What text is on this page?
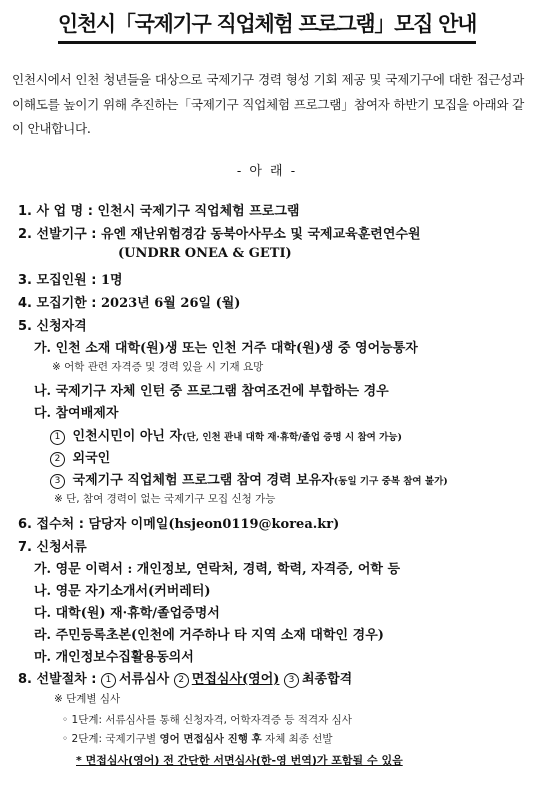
인천시「국제기구 직업체험 프로그램」모집 안내
인천시에서 인천 청년들을 대상으로 국제기구 경력 형성 기회 제공 및 국제기구에 대한 접근성과 이해도를 높이기 위해 추진하는「국제기구 직업체험 프로그램」참여자 하반기 모집을 아래와 같이 안내합니다.
- 아 래 -
1. 사 업 명 : 인천시 국제기구 직업체험 프로그램
2. 선발기구 : 유엔 재난위험경감 동북아사무소 및 국제교육훈련연수원
(UNDRR ONEA & GETI)
3. 모집인원 : 1명
4. 모집기한 : 2023년 6월 26일 (월)
5. 신청자격
가. 인천 소재 대학(원)생 또는 인천 거주 대학(원)생 중 영어능통자
※ 어학 관련 자격증 및 경력 있을 시 기재 요망
나. 국제기구 자체 인턴 중 프로그램 참여조건에 부합하는 경우
다. 참여배제자
1 인천시민이 아닌 자(단, 인천 관내 대학 재·휴학/졸업 증명 시 참여 가능)
2 외국인
3 국제기구 직업체험 프로그램 참여 경력 보유자(동일 기구 중복 참여 불가)
※ 단, 참여 경력이 없는 국제기구 모집 신청 가능
6. 접수처 : 담당자 이메일(hsjeon0119@korea.kr)
7. 신청서류
가. 영문 이력서 : 개인정보, 연락처, 경력, 학력, 자격증, 어학 등
나. 영문 자기소개서(커버레터)
다. 대학(원) 재·휴학/졸업증명서
라. 주민등록초본(인천에 거주하나 타 지역 소재 대학인 경우)
마. 개인정보수집활용동의서
8. 선발절차 : 1 서류심사 2 면접심사(영어) 3 최종합격
※ 단계별 심사
◦ 1단계: 서류심사를 통해 신청자격, 어학자격증 등 적격자 심사
◦ 2단계: 국제기구별 영어 면접심사 진행 후 자체 최종 선발
* 면접심사(영어) 전 간단한 서면심사(한-영 번역)가 포함될 수 있음
